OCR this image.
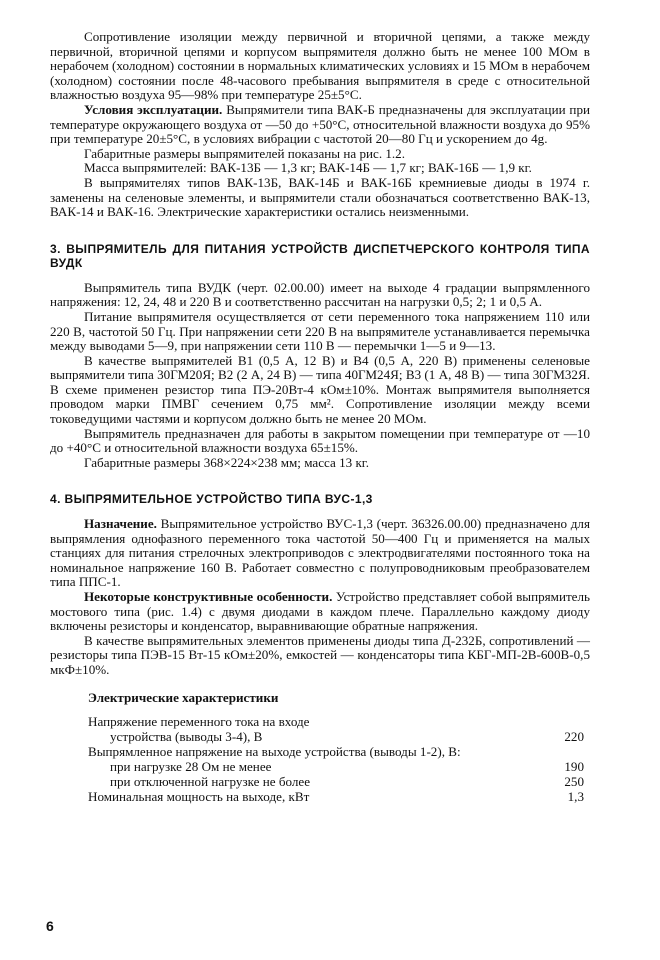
Сопротивление изоляции между первичной и вторичной цепями, а также между первичной, вторичной цепями и корпусом выпрямителя должно быть не менее 100 МОм в нерабочем (холодном) состоянии в нормальных климатических условиях и 15 МОм в нерабочем (холодном) состоянии после 48-часового пребывания выпрямителя в среде с относительной влажностью воздуха 95—98% при температуре 25±5°С.

Условия эксплуатации. Выпрямители типа ВАК-Б предназначены для эксплуатации при температуре окружающего воздуха от —50 до +50°С, относительной влажности воздуха до 95% при температуре 20±5°С, в условиях вибрации с частотой 20—80 Гц и ускорением до 4g.

Габаритные размеры выпрямителей показаны на рис. 1.2.

Масса выпрямителей: ВАК-13Б — 1,3 кг; ВАК-14Б — 1,7 кг; ВАК-16Б — 1,9 кг.

В выпрямителях типов ВАК-13Б, ВАК-14Б и ВАК-16Б кремниевые диоды в 1974 г. заменены на селеновые элементы, и выпрямители стали обозначаться соответственно ВАК-13, ВАК-14 и ВАК-16. Электрические характеристики остались неизменными.

3. ВЫПРЯМИТЕЛЬ ДЛЯ ПИТАНИЯ УСТРОЙСТВ ДИСПЕТЧЕРСКОГО КОНТРОЛЯ ТИПА ВУДК

Выпрямитель типа ВУДК (черт. 02.00.00) имеет на выходе 4 градации выпрямленного напряжения: 12, 24, 48 и 220 В и соответственно рассчитан на нагрузки 0,5; 2; 1 и 0,5 А.

Питание выпрямителя осуществляется от сети переменного тока напряжением 110 или 220 В, частотой 50 Гц. При напряжении сети 220 В на выпрямителе устанавливается перемычка между выводами 5—9, при напряжении сети 110 В — перемычки 1—5 и 9—13.

В качестве выпрямителей В1 (0,5 А, 12 В) и В4 (0,5 А, 220 В) применены селеновые выпрямители типа 30ГМ20Я; В2 (2 А, 24 В) — типа 40ГМ24Я; В3 (1 А, 48 В) — типа 30ГМ32Я. В схеме применен резистор типа ПЭ-20Вт-4 кОм±10%. Монтаж выпрямителя выполняется проводом марки ПМВГ сечением 0,75 мм². Сопротивление изоляции между всеми токоведущими частями и корпусом должно быть не менее 20 МОм.

Выпрямитель предназначен для работы в закрытом помещении при температуре от —10 до +40°С и относительной влажности воздуха 65±15%.

Габаритные размеры 368×224×238 мм; масса 13 кг.

4. ВЫПРЯМИТЕЛЬНОЕ УСТРОЙСТВО ТИПА ВУС-1,3

Назначение. Выпрямительное устройство ВУС-1,3 (черт. 36326.00.00) предназначено для выпрямления однофазного переменного тока частотой 50—400 Гц и применяется на малых станциях для питания стрелочных электроприводов с электродвигателями постоянного тока на номинальное напряжение 160 В. Работает совместно с полупроводниковым преобразователем типа ППС-1.

Некоторые конструктивные особенности. Устройство представляет собой выпрямитель мостового типа (рис. 1.4) с двумя диодами в каждом плече. Параллельно каждому диоду включены резисторы и конденсатор, выравнивающие обратные напряжения.

В качестве выпрямительных элементов применены диоды типа Д-232Б, сопротивлений — резисторы типа ПЭВ-15 Вт-15 кОм±20%, емкостей — конденсаторы типа КБГ-МП-2В-600В-0,5 мкФ±10%.

Электрические характеристики
Напряжение переменного тока на входе	
устройства (выводы 3-4), В	220
Выпрямленное напряжение на выходе устройства (выводы 1-2), В:	
при нагрузке 28 Ом не менее	190
при отключенной нагрузке не более	250
Номинальная мощность на выходе, кВт	1,3
6
